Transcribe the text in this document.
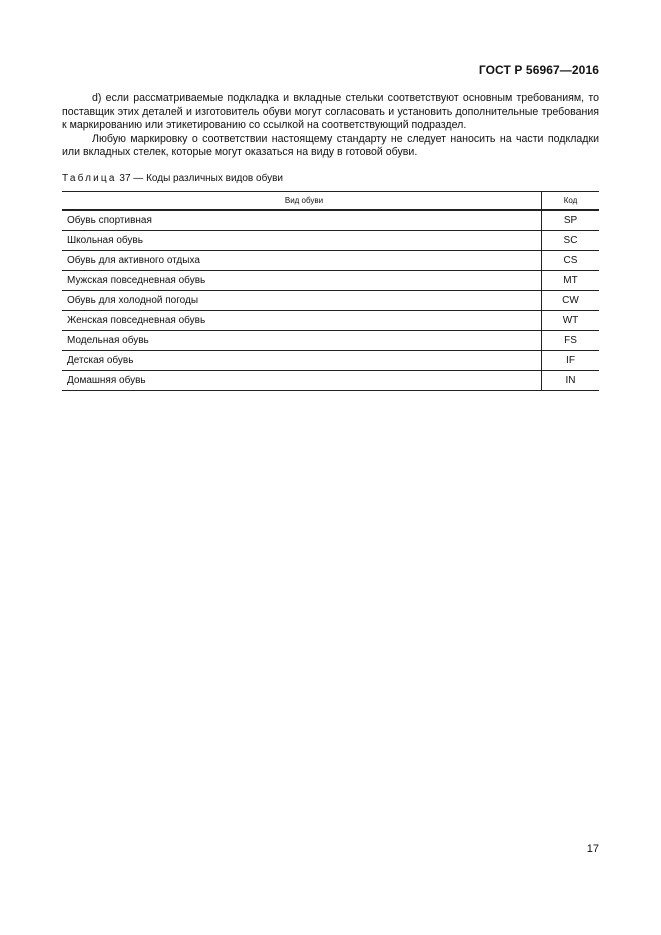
ГОСТ Р 56967—2016

d) если рассматриваемые подкладка и вкладные стельки соответствуют основным требованиям, то поставщик этих деталей и изготовитель обуви могут согласовать и установить дополнительные требования к маркированию или этикетированию со ссылкой на соответствующий подраздел.

Любую маркировку о соответствии настоящему стандарту не следует наносить на части подкладки или вкладных стелек, которые могут оказаться на виду в готовой обуви.

Таблица 37 — Коды различных видов обуви
Вид обуви	Код
Обувь спортивная	SP
Школьная обувь	SC
Обувь для активного отдыха	CS
Мужская повседневная обувь	MT
Обувь для холодной погоды	CW
Женская повседневная обувь	WT
Модельная обувь	FS
Детская обувь	IF
Домашняя обувь	IN
17
